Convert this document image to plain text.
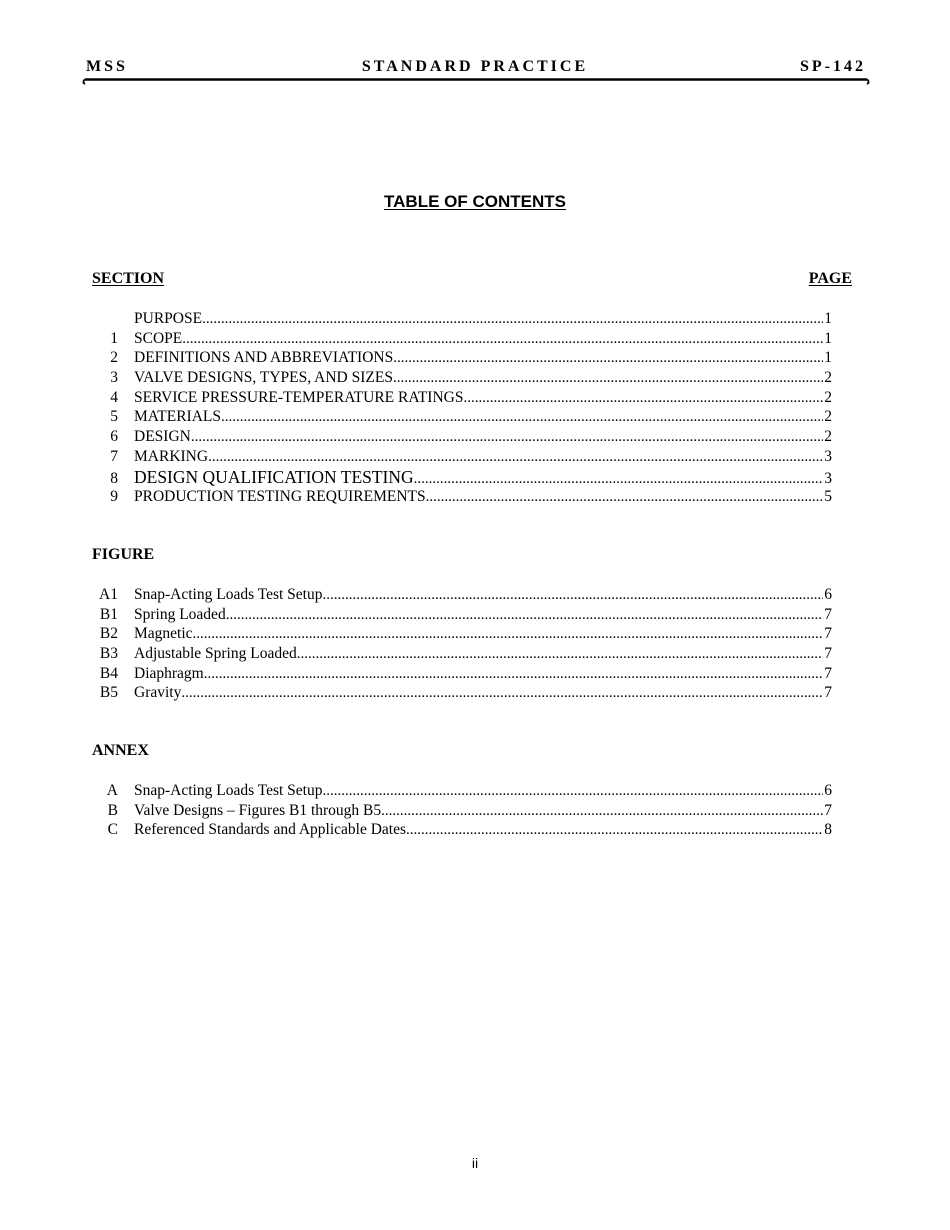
MSS	STANDARD PRACTICE	SP-142
TABLE OF CONTENTS
SECTION	PAGE
PURPOSE .....	1
1	SCOPE .....	1
2	DEFINITIONS AND ABBREVIATIONS .....	1
3	VALVE DESIGNS, TYPES, AND SIZES .....	2
4	SERVICE PRESSURE-TEMPERATURE RATINGS .....	2
5	MATERIALS .....	2
6	DESIGN .....	2
7	MARKING .....	3
8 DESIGN QUALIFICATION TESTING .....	3
9	PRODUCTION TESTING REQUIREMENTS .....	5
FIGURE
A1	Snap-Acting Loads Test Setup .....	6
B1	Spring Loaded .....	7
B2	Magnetic .....	7
B3	Adjustable Spring Loaded .....	7
B4	Diaphragm .....	7
B5	Gravity .....	7
ANNEX
A	Snap-Acting Loads Test Setup .....	6
B	Valve Designs – Figures B1 through B5 .....	7
C	Referenced Standards and Applicable Dates .....	8
ii
